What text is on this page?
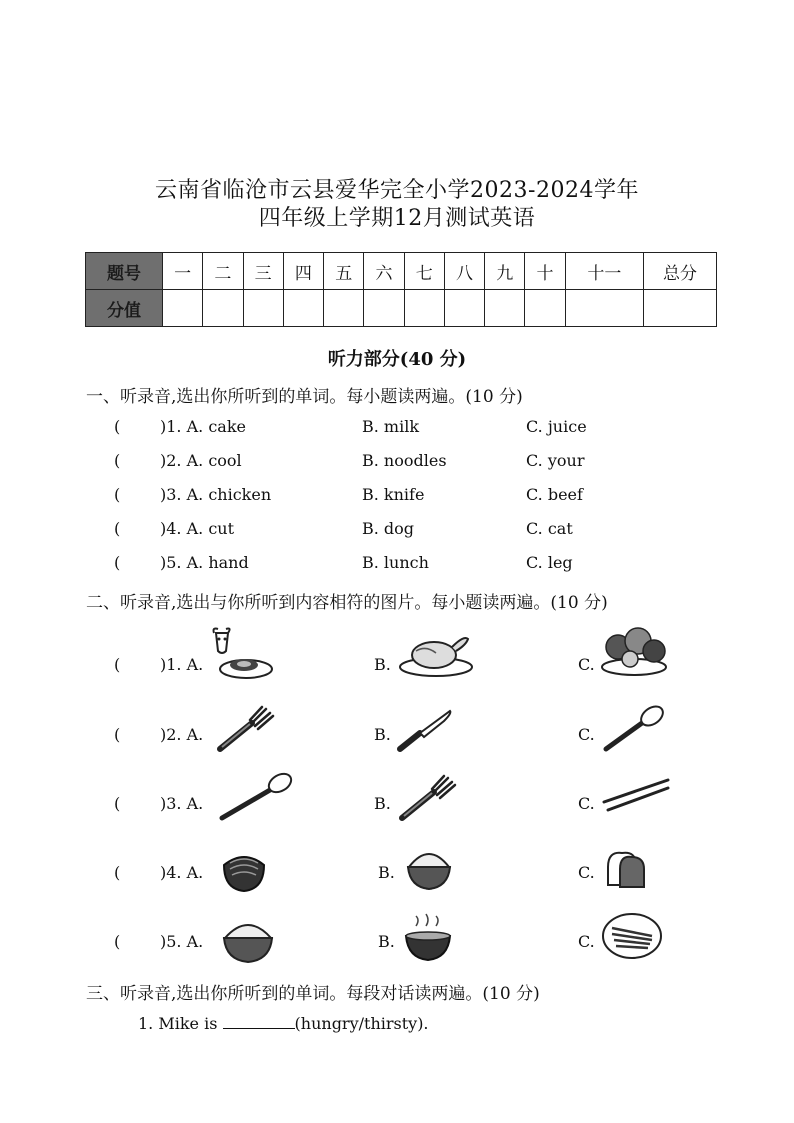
云南省临沧市云县爱华完全小学2023-2024学年
四年级上学期12月测试英语
题号	一	二	三	四	五	六	七	八	九	十	十一	总分
分值												
听力部分(40 分)
一、听录音,选出你所听到的单词。每小题读两遍。(10 分)
( )1. A. cake	B. milk	C. juice
( )2. A. cool	B. noodles	C. your
( )3. A. chicken	B. knife	C. beef
( )4. A. cut	B. dog	C. cat
( )5. A. hand	B. lunch	C. leg
二、听录音,选出与你所听到内容相符的图片。每小题读两遍。(10 分)
( )1. A.	B.	C.
( )2. A.	B.	C.
( )3. A.	B.	C.
( )4. A.	B.	C.
( )5. A.	B.	C.
三、听录音,选出你所听到的单词。每段对话读两遍。(10 分)
1. Mike is	(hungry/thirsty).
